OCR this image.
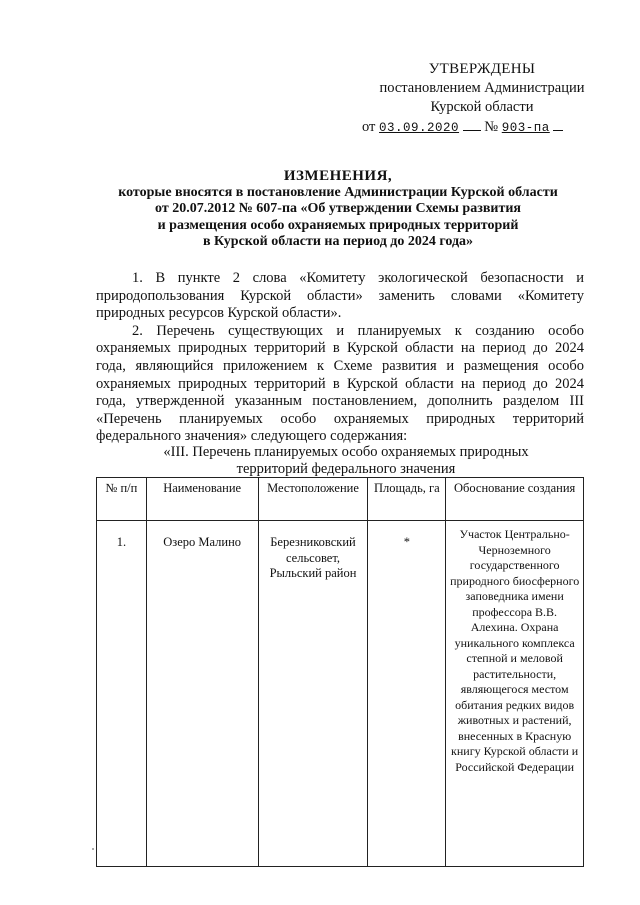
УТВЕРЖДЕНЫ
постановлением Администрации
Курской области
от 03.09.2020 № 903-па
ИЗМЕНЕНИЯ,
которые вносятся в постановление Администрации Курской области
от 20.07.2012 № 607-па «Об утверждении Схемы развития
и размещения особо охраняемых природных территорий
в Курской области на период до 2024 года»

1. В пункте 2 слова «Комитету экологической безопасности и природопользования Курской области» заменить словами «Комитету природных ресурсов Курской области».

2. Перечень существующих и планируемых к созданию особо охраняемых природных территорий в Курской области на период до 2024 года, являющийся приложением к Схеме развития и размещения особо охраняемых природных территорий в Курской области на период до 2024 года, утвержденной указанным постановлением, дополнить разделом III «Перечень планируемых особо охраняемых природных территорий федерального значения» следующего содержания:

«III. Перечень планируемых особо охраняемых природных
территорий федерального значения
№ п/п	Наименование	Местоположение	Площадь, га	Обоснование создания
1.	Озеро Малино	Березниковский сельсовет, Рыльский район	*	Участок Центрально-Черноземного государственного природного биосферного заповедника имени профессора В.В. Алехина. Охрана уникального комплекса степной и меловой растительности, являющегося местом обитания редких видов животных и растений, внесенных в Красную книгу Курской области и Российской Федерации
